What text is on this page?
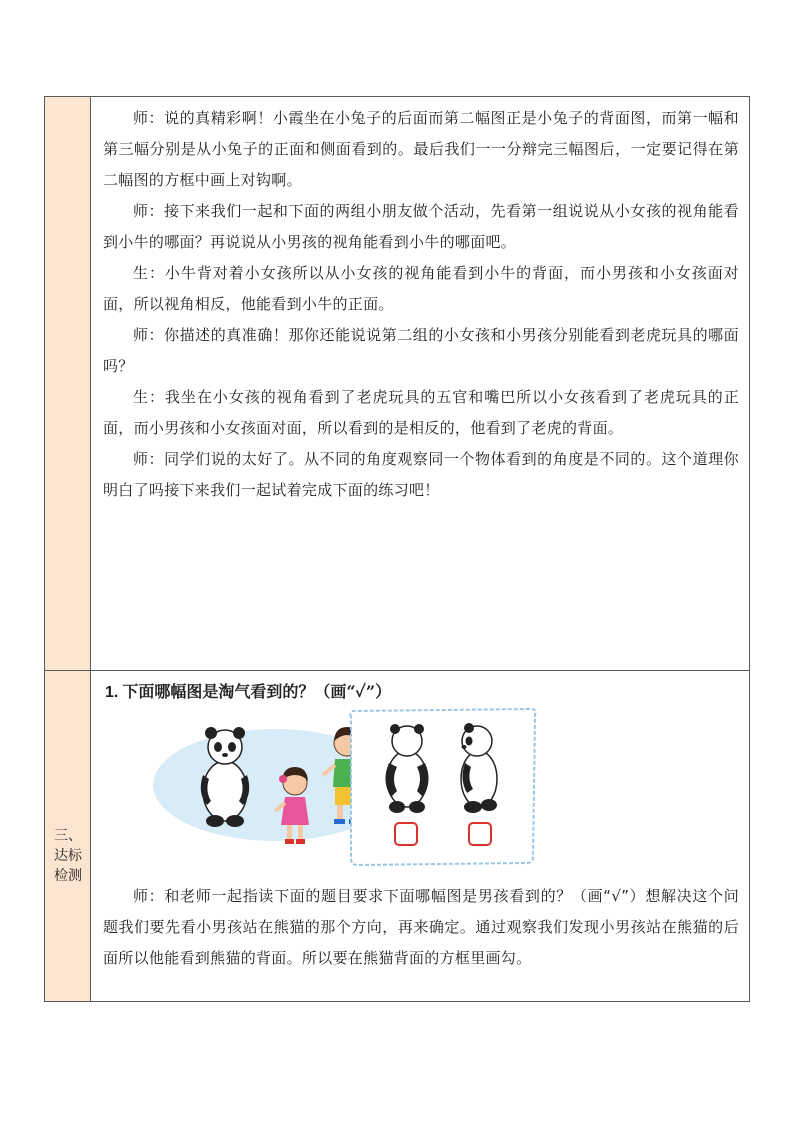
师：说的真精彩啊！小霞坐在小兔子的后面而第二幅图正是小兔子的背面图，而第一幅和第三幅分别是从小兔子的正面和侧面看到的。最后我们一一分辩完三幅图后，一定要记得在第二幅图的方框中画上对钩啊。

师：接下来我们一起和下面的两组小朋友做个活动，先看第一组说说从小女孩的视角能看到小牛的哪面？再说说从小男孩的视角能看到小牛的哪面吧。

生：小牛背对着小女孩所以从小女孩的视角能看到小牛的背面，而小男孩和小女孩面对面，所以视角相反，他能看到小牛的正面。

师：你描述的真准确！那你还能说说第二组的小女孩和小男孩分别能看到老虎玩具的哪面吗？

生：我坐在小女孩的视角看到了老虎玩具的五官和嘴巴所以小女孩看到了老虎玩具的正面，而小男孩和小女孩面对面，所以看到的是相反的，他看到了老虎的背面。

师：同学们说的太好了。从不同的角度观察同一个物体看到的角度是不同的。这个道理你明白了吗接下来我们一起试着完成下面的练习吧！

三、
达标
检测
1. 下面哪幅图是淘气看到的？（画“✓”）

师：和老师一起指读下面的题目要求下面哪幅图是男孩看到的？（画“√”）想解决这个问题我们要先看小男孩站在熊猫的那个方向，再来确定。通过观察我们发现小男孩站在熊猫的后面所以他能看到熊猫的背面。所以要在熊猫背面的方框里画勾。
